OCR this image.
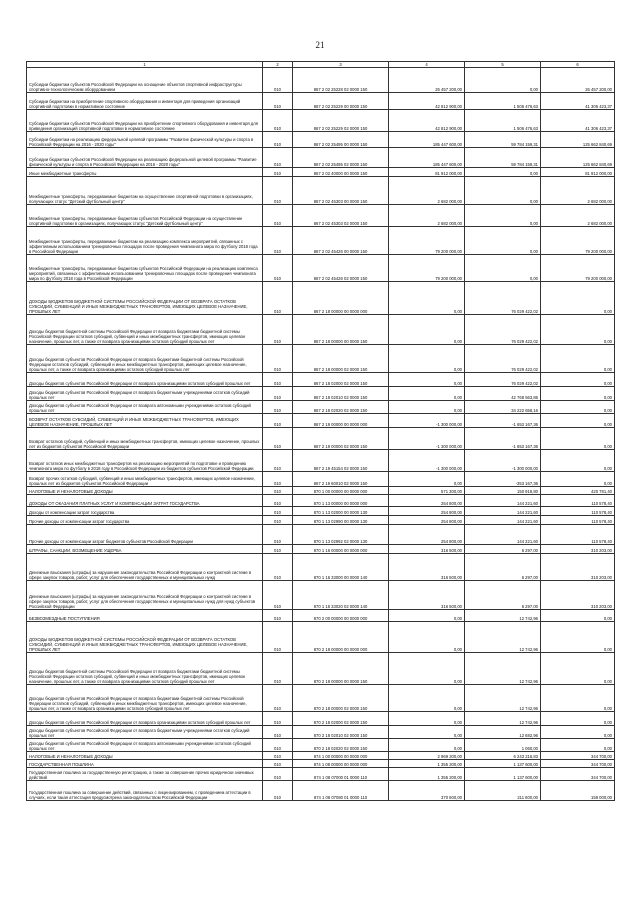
21
1	2	3	4	5	6
Субсидии бюджетам субъектов Российской Федерации на оснащение объектов спортивной инфраструктуры спортивно-технологическим оборудованием	010	867 2 02 25228 02 0000 150	26 457 200,00	0,00	26 457 200,00
Субсидии бюджетам на приобретение спортивного оборудования и инвентаря для приведения организаций спортивной подготовки в нормативное состояние	010	867 2 02 25229 00 0000 150	42 812 900,00	1 506 476,63	41 306 423,37
Субсидии бюджетам субъектов Российской Федерации на приобретение спортивного оборудования и инвентаря для приведения организаций спортивной подготовки в нормативное состояние	010	867 2 02 25229 02 0000 150	42 812 900,00	1 506 476,63	41 306 423,37
Субсидии бюджетам на реализацию федеральной целевой программы "Развитие физической культуры и спорта в Российской Федерации на 2016 - 2020 годы"	010	867 2 02 25495 00 0000 150	185 447 600,00	59 784 159,31	125 662 840,69
Субсидии бюджетам субъектов Российской Федерации на реализацию федеральной целевой программы "Развитие физической культуры и спорта в Российской Федерации на 2016 - 2020 годы"	010	867 2 02 25495 02 0000 150	185 447 600,00	59 784 159,31	125 662 840,69
Иные межбюджетные трансферты	010	867 2 02 40000 00 0000 150	81 912 000,00	0,00	81 912 000,00
Межбюджетные трансферты, передаваемые бюджетам на осуществление спортивной подготовки в организациях, получающих статус "Детский футбольный центр"	010	867 2 02 45303 00 0000 150	2 682 000,00	0,00	2 682 000,00
Межбюджетные трансферты, передаваемые бюджетам субъектов Российской Федерации на осуществление спортивной подготовки в организациях, получающих статус "Детский футбольный центр"	010	867 2 02 45303 02 0000 150	2 682 000,00	0,00	2 682 000,00
Межбюджетные трансферты, передаваемые бюджетам на реализацию комплекса мероприятий, связанных с эффективным использованием тренировочных площадок после проведения чемпионата мира по футболу 2018 года в Российской Федерации	010	867 2 02 45426 00 0000 150	79 200 000,00	0,00	79 200 000,00
Межбюджетные трансферты, передаваемые бюджетам субъектов Российской Федерации на реализацию комплекса мероприятий, связанных с эффективным использованием тренировочных площадок после проведения чемпионата мира по футболу 2018 года в Российской Федерации	010	867 2 02 45426 02 0000 150	79 200 000,00	0,00	79 200 000,00
ДОХОДЫ БЮДЖЕТОВ БЮДЖЕТНОЙ СИСТЕМЫ РОССИЙСКОЙ ФЕДЕРАЦИИ ОТ ВОЗВРАТА ОСТАТКОВ СУБСИДИЙ, СУБВЕНЦИЙ И ИНЫХ МЕЖБЮДЖЕТНЫХ ТРАНСФЕРТОВ, ИМЕЮЩИХ ЦЕЛЕВОЕ НАЗНАЧЕНИЕ, ПРОШЛЫХ ЛЕТ	010	867 2 18 00000 00 0000 000	0,00	76 029 422,02	0,00
Доходы бюджетов бюджетной системы Российской Федерации от возврата бюджетами бюджетной системы Российской Федерации остатков субсидий, субвенций и иных межбюджетных трансфертов, имеющих целевое назначение, прошлых лет, а также от возврата организациями остатков субсидий прошлых лет	010	867 2 18 00000 00 0000 150	0,00	76 029 422,02	0,00
Доходы бюджетов субъектов Российской Федерации от возврата бюджетами бюджетной системы Российской Федерации остатков субсидий, субвенций и иных межбюджетных трансфертов, имеющих целевое назначение, прошлых лет, а также от возврата организациями остатков субсидий прошлых лет	010	867 2 18 00000 02 0000 150	0,00	76 029 422,02	0,00
Доходы бюджетов субъектов Российской Федерации от возврата организациями остатков субсидий прошлых лет	010	867 2 18 02000 02 0000 150	0,00	76 029 422,02	0,00
Доходы бюджетов субъектов Российской Федерации от возврата бюджетными учреждениями остатков субсидий прошлых лет	010	867 2 18 02010 02 0000 150	0,00	42 768 563,86	0,00
Доходы бюджетов субъектов Российской Федерации от возврата автономными учреждениями остатков субсидий прошлых лет	010	867 2 18 02020 02 0000 150	0,00	34 222 658,16	0,00
ВОЗВРАТ ОСТАТКОВ СУБСИДИЙ, СУБВЕНЦИЙ И ИНЫХ МЕЖБЮДЖЕТНЫХ ТРАНСФЕРТОВ, ИМЕЮЩИХ ЦЕЛЕВОЕ НАЗНАЧЕНИЕ, ПРОШЛЫХ ЛЕТ	010	867 2 19 00000 00 0000 000	-1 300 000,00	-1 653 167,36	0,00
Возврат остатков субсидий, субвенций и иных межбюджетных трансфертов, имеющих целевое назначение, прошлых лет из бюджетов субъектов Российской Федерации	010	867 2 19 00000 02 0000 150	-1 300 000,00	-1 653 167,36	0,00
Возврат остатков иных межбюджетных трансфертов на реализацию мероприятий по подготовке и проведению чемпионата мира по футболу в 2018 году в Российской Федерации из бюджетов субъектов Российской Федерации	010	867 2 19 45154 02 0000 150	-1 300 000,00	-1 300 000,00	0,00
Возврат прочих остатков субсидий, субвенций и иных межбюджетных трансфертов, имеющих целевое назначение, прошлых лет из бюджетов субъектов Российской Федерации	010	867 2 19 60010 02 0000 150	0,00	-353 167,36	0,00
НАЛОГОВЫЕ И НЕНАЛОГОВЫЕ ДОХОДЫ	010	870 1 00 00000 00 0000 000	571 300,00	150 918,80	420 781,40
ДОХОДЫ ОТ ОКАЗАНИЯ ПЛАТНЫХ УСЛУГ И КОМПЕНСАЦИИ ЗАТРАТ ГОСУДАРСТВА	010	870 1 13 00000 00 0000 000	254 800,00	144 221,60	110 578,40
Доходы от компенсации затрат государства	010	870 1 13 02000 00 0000 130	254 800,00	144 221,60	110 578,40
Прочие доходы от компенсации затрат государства	010	870 1 13 02990 00 0000 130	254 800,00	144 221,60	110 578,40
Прочие доходы от компенсации затрат бюджетов субъектов Российской Федерации	010	870 1 13 02992 02 0000 130	254 800,00	144 221,60	110 578,40
ШТРАФЫ, САНКЦИИ, ВОЗМЕЩЕНИЕ УЩЕРБА	010	870 1 16 00000 00 0000 000	316 500,00	6 297,00	310 203,00
Денежные взыскания (штрафы) за нарушение законодательства Российской Федерации о контрактной системе в сфере закупок товаров, работ, услуг для обеспечения государственных и муниципальных нужд	010	870 1 16 33000 00 0000 140	316 500,00	6 297,00	310 203,00
Денежные взыскания (штрафы) за нарушение законодательства Российской Федерации о контрактной системе в сфере закупок товаров, работ, услуг для обеспечения государственных и муниципальных нужд для нужд субъектов Российской Федерации	010	870 1 16 33020 02 0000 140	316 500,00	6 297,00	310 203,00
БЕЗВОЗМЕЗДНЫЕ ПОСТУПЛЕНИЯ	010	870 2 00 00000 00 0000 000	0,00	12 742,96	0,00
ДОХОДЫ БЮДЖЕТОВ БЮДЖЕТНОЙ СИСТЕМЫ РОССИЙСКОЙ ФЕДЕРАЦИИ ОТ ВОЗВРАТА ОСТАТКОВ СУБСИДИЙ, СУБВЕНЦИЙ И ИНЫХ МЕЖБЮДЖЕТНЫХ ТРАНСФЕРТОВ, ИМЕЮЩИХ ЦЕЛЕВОЕ НАЗНАЧЕНИЕ, ПРОШЛЫХ ЛЕТ	010	870 2 18 00000 00 0000 000	0,00	12 742,96	0,00
Доходы бюджетов бюджетной системы Российской Федерации от возврата бюджетами бюджетной системы Российской Федерации остатков субсидий, субвенций и иных межбюджетных трансфертов, имеющих целевое назначение, прошлых лет, а также от возврата организациями остатков субсидий прошлых лет	010	870 2 18 00000 00 0000 150	0,00	12 742,96	0,00
Доходы бюджетов субъектов Российской Федерации от возврата бюджетами бюджетной системы Российской Федерации остатков субсидий, субвенций и иных межбюджетных трансфертов, имеющих целевое назначение, прошлых лет, а также от возврата организациями остатков субсидий прошлых лет	010	870 2 18 00000 02 0000 150	0,00	12 742,96	0,00
Доходы бюджетов субъектов Российской Федерации от возврата организациями остатков субсидий прошлых лет	010	870 2 18 02000 02 0000 150	0,00	12 742,96	0,00
Доходы бюджетов субъектов Российской Федерации от возврата бюджетными учреждениями остатков субсидий прошлых лет	010	870 2 18 02010 02 0000 150	0,00	12 682,96	0,00
Доходы бюджетов субъектов Российской Федерации от возврата автономными учреждениями остатков субсидий прошлых лет	010	870 2 18 02020 02 0000 150	0,00	1 060,00	0,00
НАЛОГОВЫЕ И НЕНАЛОГОВЫЕ ДОХОДЫ	010	874 1 00 00000 00 0000 000	2 969 200,00	6 243 216,83	344 700,00
ГОСУДАРСТВЕННАЯ ПОШЛИНА	010	874 1 08 00000 00 0000 000	1 355 200,00	1 137 600,00	344 700,00
Государственная пошлина за государственную регистрацию, а также за совершение прочих юридически значимых действий	010	874 1 08 07000 01 0000 110	1 355 200,00	1 137 600,00	344 700,00
Государственная пошлина за совершение действий, связанных с лицензированием, с проведением аттестации в случаях, если такая аттестация предусмотрена законодательством Российской Федерации	010	874 1 08 07080 01 0000 110	370 600,00	211 600,00	159 000,00
